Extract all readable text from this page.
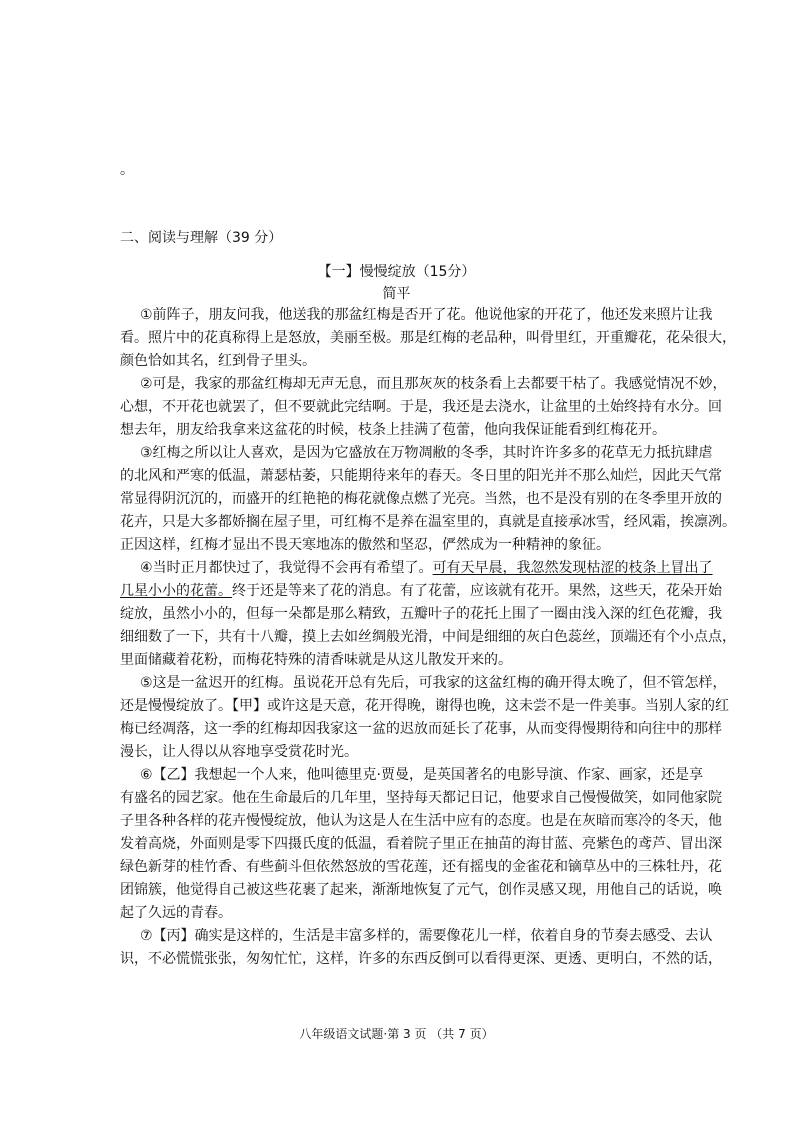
。
二、阅读与理解（39 分）
【一】慢慢绽放（15分）
简平
①前阵子，朋友问我，他送我的那盆红梅是否开了花。他说他家的开花了，他还发来照片让我
看。照片中的花真称得上是怒放，美丽至极。那是红梅的老品种，叫骨里红，开重瓣花，花朵很大，
颜色恰如其名，红到骨子里头。
②可是，我家的那盆红梅却无声无息，而且那灰灰的枝条看上去都要干枯了。我感觉情况不妙，
心想，不开花也就罢了，但不要就此完结啊。于是，我还是去浇水，让盆里的土始终持有水分。回
想去年，朋友给我拿来这盆花的时候，枝条上挂满了苞蕾，他向我保证能看到红梅花开。
③红梅之所以让人喜欢，是因为它盛放在万物凋敝的冬季，其时许许多多的花草无力抵抗肆虐
的北风和严寒的低温，萧瑟枯萎，只能期待来年的春天。冬日里的阳光并不那么灿烂，因此天气常
常显得阴沉沉的，而盛开的红艳艳的梅花就像点燃了光亮。当然，也不是没有别的在冬季里开放的
花卉，只是大多都娇搁在屋子里，可红梅不是养在温室里的，真就是直接承冰雪，经风霜，挨凛冽。
正因这样，红梅才显出不畏天寒地冻的傲然和坚忍，俨然成为一种精神的象征。
④当时正月都快过了，我觉得不会再有希望了。可有天早晨，我忽然发现枯涩的枝条上冒出了
几星小小的花蕾。终于还是等来了花的消息。有了花蕾，应该就有花开。果然，这些天，花朵开始
绽放，虽然小小的，但每一朵都是那么精致，五瓣叶子的花托上围了一圈由浅入深的红色花瓣，我
细细数了一下，共有十八瓣，摸上去如丝绸般光滑，中间是细细的灰白色蕊丝，顶端还有个小点点，
里面储藏着花粉，而梅花特殊的清香味就是从这儿散发开来的。
⑤这是一盆迟开的红梅。虽说花开总有先后，可我家的这盆红梅的确开得太晚了，但不管怎样，
还是慢慢绽放了。【甲】或许这是天意，花开得晚，谢得也晚，这未尝不是一件美事。当别人家的红
梅已经凋落，这一季的红梅却因我家这一盆的迟放而延长了花事，从而变得慢期待和向往中的那样
漫长，让人得以从容地享受赏花时光。
⑥【乙】我想起一个人来，他叫德里克·贾曼，是英国著名的电影导演、作家、画家，还是享
有盛名的园艺家。他在生命最后的几年里，坚持每天都记日记，他要求自己慢慢做笑，如同他家院
子里各种各样的花卉慢慢绽放，他认为这是人在生活中应有的态度。也是在灰暗而寒冷的冬天，他
发着高烧，外面则是零下四摄氏度的低温，看着院子里正在抽苗的海甘蓝、亮紫色的鸢芦、冒出深
绿色新芽的桂竹香、有些蓟斗但依然怒放的雪花莲，还有摇曳的金雀花和镝草丛中的三株牡丹，花
团锦簇，他觉得自己被这些花裹了起来，渐渐地恢复了元气，创作灵感又现，用他自己的话说，唤
起了久远的青春。
⑦【丙】确实是这样的，生活是丰富多样的，需要像花儿一样，依着自身的节奏去感受、去认
识，不必慌慌张张，匆匆忙忙，这样，许多的东西反倒可以看得更深、更透、更明白，不然的话，
八年级语文试题·第 3 页 （共 7 页）
